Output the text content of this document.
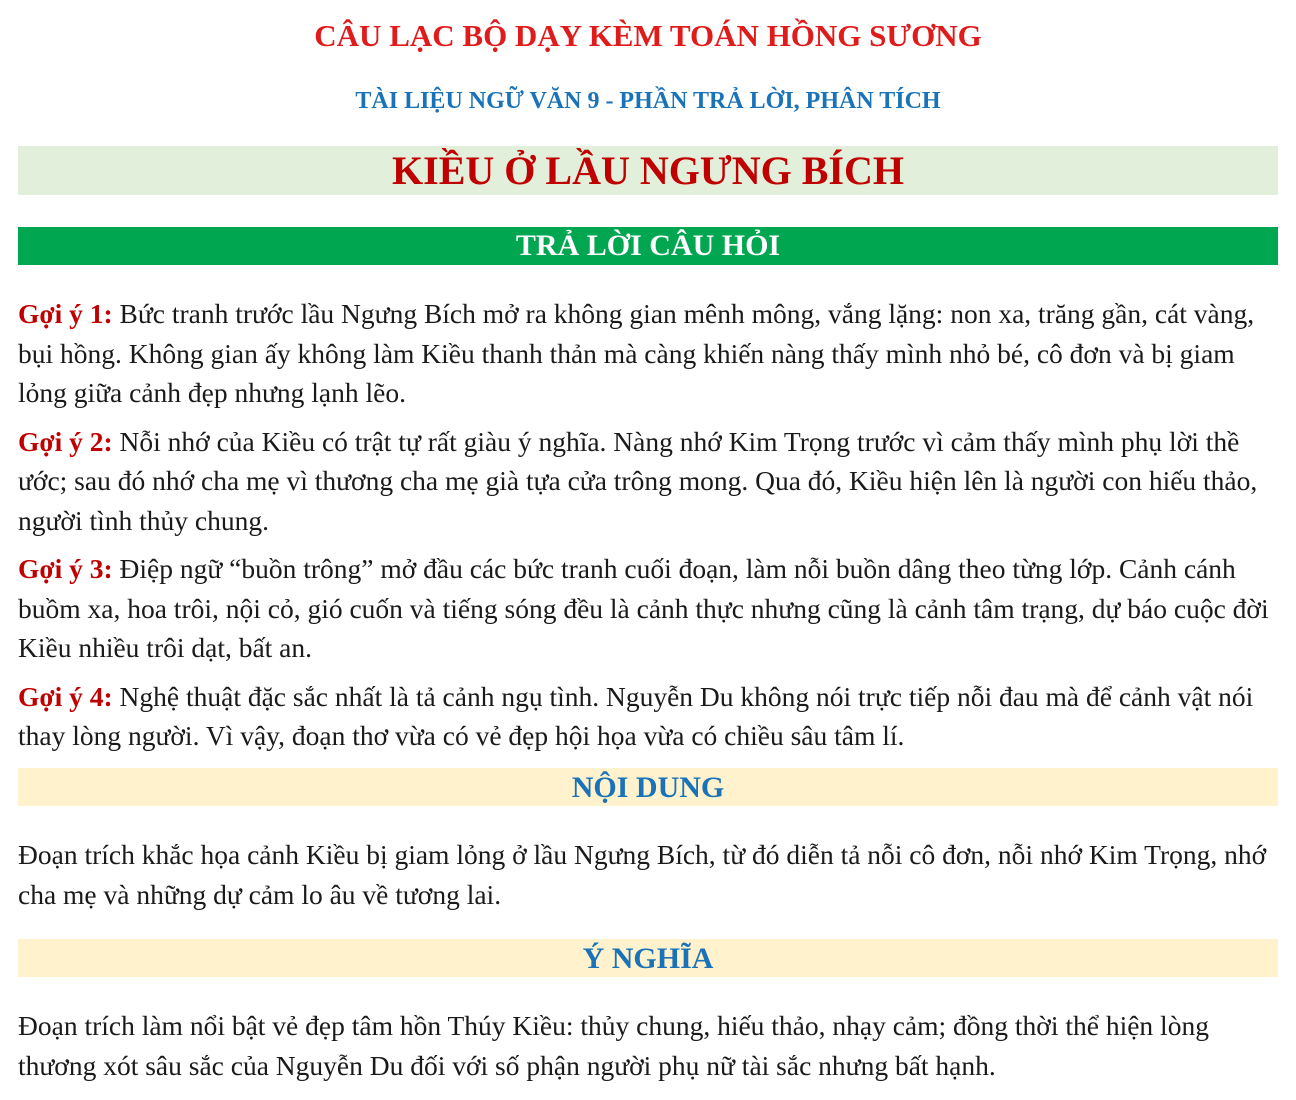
CÂU LẠC BỘ DẠY KÈM TOÁN HỒNG SƯƠNG
TÀI LIỆU NGỮ VĂN 9 - PHẦN TRẢ LỜI, PHÂN TÍCH
KIỀU Ở LẦU NGƯNG BÍCH
TRẢ LỜI CÂU HỎI

Gợi ý 1: Bức tranh trước lầu Ngưng Bích mở ra không gian mênh mông, vắng lặng: non xa, trăng gần, cát vàng, bụi hồng. Không gian ấy không làm Kiều thanh thản mà càng khiến nàng thấy mình nhỏ bé, cô đơn và bị giam lỏng giữa cảnh đẹp nhưng lạnh lẽo.

Gợi ý 2: Nỗi nhớ của Kiều có trật tự rất giàu ý nghĩa. Nàng nhớ Kim Trọng trước vì cảm thấy mình phụ lời thề ước; sau đó nhớ cha mẹ vì thương cha mẹ già tựa cửa trông mong. Qua đó, Kiều hiện lên là người con hiếu thảo, người tình thủy chung.

Gợi ý 3: Điệp ngữ “buồn trông” mở đầu các bức tranh cuối đoạn, làm nỗi buồn dâng theo từng lớp. Cảnh cánh buồm xa, hoa trôi, nội cỏ, gió cuốn và tiếng sóng đều là cảnh thực nhưng cũng là cảnh tâm trạng, dự báo cuộc đời Kiều nhiều trôi dạt, bất an.

Gợi ý 4: Nghệ thuật đặc sắc nhất là tả cảnh ngụ tình. Nguyễn Du không nói trực tiếp nỗi đau mà để cảnh vật nói thay lòng người. Vì vậy, đoạn thơ vừa có vẻ đẹp hội họa vừa có chiều sâu tâm lí.

NỘI DUNG

Đoạn trích khắc họa cảnh Kiều bị giam lỏng ở lầu Ngưng Bích, từ đó diễn tả nỗi cô đơn, nỗi nhớ Kim Trọng, nhớ cha mẹ và những dự cảm lo âu về tương lai.

Ý NGHĨA

Đoạn trích làm nổi bật vẻ đẹp tâm hồn Thúy Kiều: thủy chung, hiếu thảo, nhạy cảm; đồng thời thể hiện lòng thương xót sâu sắc của Nguyễn Du đối với số phận người phụ nữ tài sắc nhưng bất hạnh.
